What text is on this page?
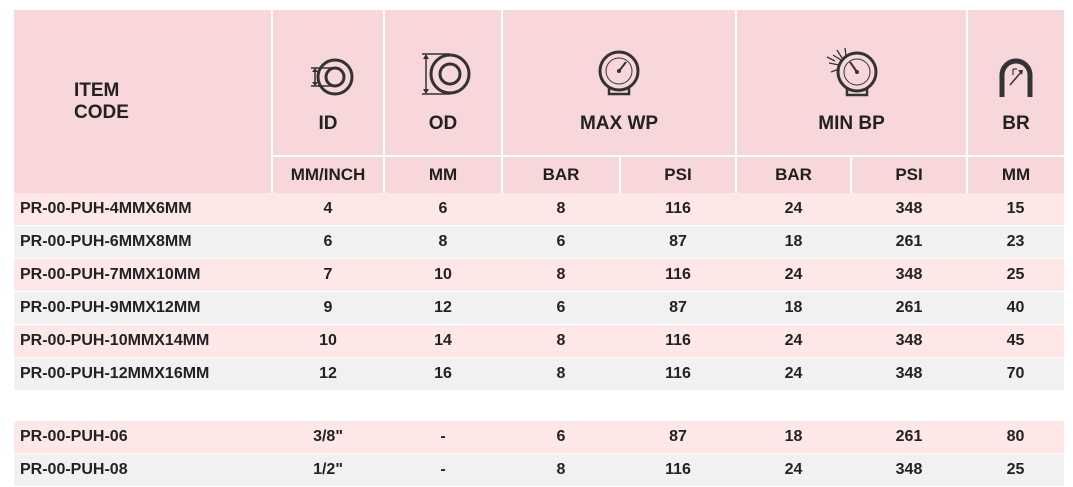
ITEM CODE	ID	OD	MAX WP		MIN BP		BR

	MM/INCH	MM	BAR	PSI	BAR	PSI	MM
PR-00-PUH-4MMX6MM	4	6	8	116	24	348	15
PR-00-PUH-6MMX8MM	6	8	6	87	18	261	23
PR-00-PUH-7MMX10MM	7	10	8	116	24	348	25
PR-00-PUH-9MMX12MM	9	12	6	87	18	261	40
PR-00-PUH-10MMX14MM	10	14	8	116	24	348	45
PR-00-PUH-12MMX16MM	12	16	8	116	24	348	70

PR-00-PUH-06	3/8"	-	6	87	18	261	80
PR-00-PUH-08	1/2"	-	8	116	24	348	25
